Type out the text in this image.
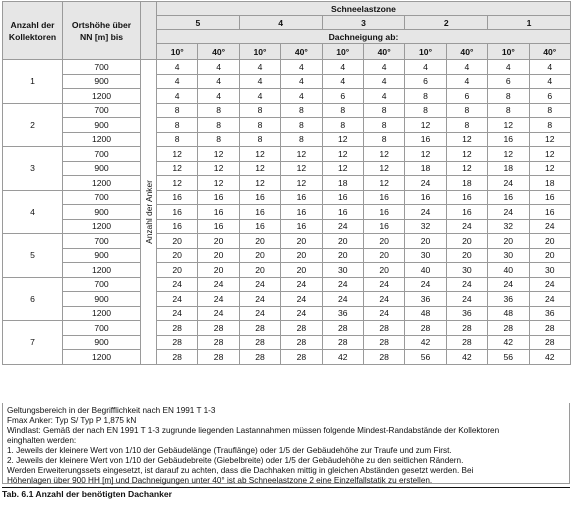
Anzahl der
Kollektoren	Ortshöhe über
NN [m] bis		Schneelastzone									
			5		4		3		2		1	
			Dachneigung ab:									
			10°	40°	10°	40°	10°	40°	10°	40°	10°	40°
1	700	Anzahl der Anker	4	4	4	4	4	4	4	4	4	4
	900		4	4	4	4	4	4	6	4	6	4
	1200		4	4	4	4	6	4	8	6	8	6
2	700		8	8	8	8	8	8	8	8	8	8
	900		8	8	8	8	8	8	12	8	12	8
	1200		8	8	8	8	12	8	16	12	16	12
3	700		12	12	12	12	12	12	12	12	12	12
	900		12	12	12	12	12	12	18	12	18	12
	1200		12	12	12	12	18	12	24	18	24	18
4	700		16	16	16	16	16	16	16	16	16	16
	900		16	16	16	16	16	16	24	16	24	16
	1200		16	16	16	16	24	16	32	24	32	24
5	700		20	20	20	20	20	20	20	20	20	20
	900		20	20	20	20	20	20	30	20	30	20
	1200		20	20	20	20	30	20	40	30	40	30
6	700		24	24	24	24	24	24	24	24	24	24
	900		24	24	24	24	24	24	36	24	36	24
	1200		24	24	24	24	36	24	48	36	48	36
7	700		28	28	28	28	28	28	28	28	28	28
	900		28	28	28	28	28	28	42	28	42	28
	1200		28	28	28	28	42	28	56	42	56	42
Geltungsbereich in der Begrifflichkeit nach EN 1991 T 1-3
Fmax Anker: Typ S/ Typ P 1,875 kN
Windlast: Gemäß der nach EN 1991 T 1-3 zugrunde liegenden Lastannahmen müssen folgende Mindest-Randabstände der Kollektoren
einghalten werden:
1. Jeweils der kleinere Wert von 1/10 der Gebäudelänge (Trauflänge) oder 1/5 der Gebäudehöhe zur Traufe und zum First.
2. Jeweils der kleinere Wert von 1/10 der Gebäudebreite (Giebelbreite) oder 1/5 der Gebäudehöhe zu den seitlichen Rändern.
Werden Erweiterungssets eingesetzt, ist darauf zu achten, dass die Dachhaken mittig in gleichen Abständen gesetzt werden. Bei
Höhenlagen über 900 HH [m] und Dachneigungen unter 40° ist ab Schneelastzone 2 eine Einzelfallstatik zu erstellen.
Tab. 6.1 Anzahl der benötigten Dachanker
